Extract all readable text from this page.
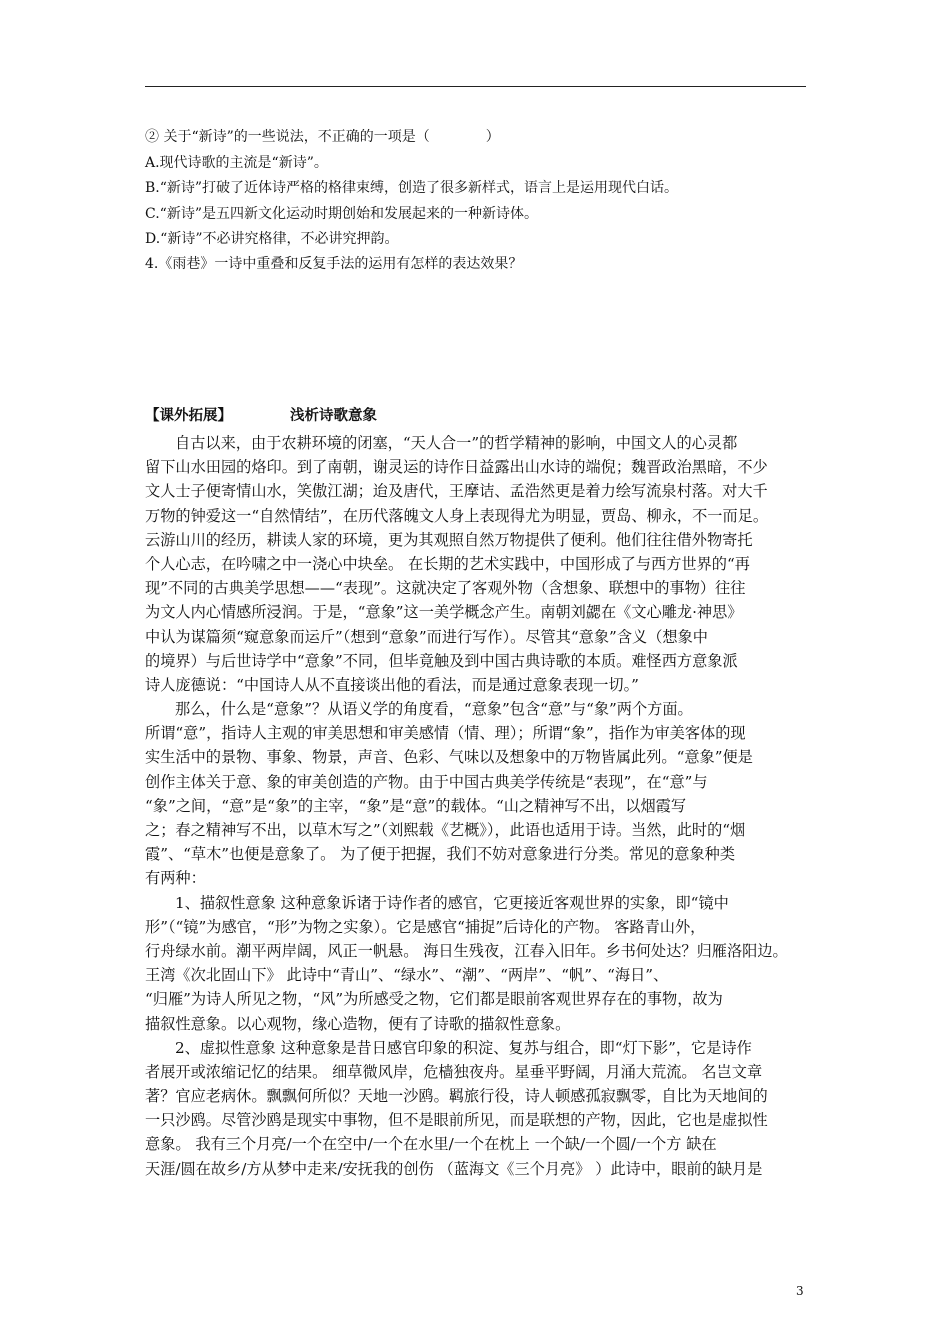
② 关于“新诗”的一些说法，不正确的一项是（　　　　）
A.现代诗歌的主流是“新诗”。
B.“新诗”打破了近体诗严格的格律束缚，创造了很多新样式，语言上是运用现代白话。
C.“新诗”是五四新文化运动时期创始和发展起来的一种新诗体。
D.“新诗”不必讲究格律，不必讲究押韵。
4.《雨巷》一诗中重叠和反复手法的运用有怎样的表达效果？
【课外拓展】	浅析诗歌意象
自古以来，由于农耕环境的闭塞，“天人合一”的哲学精神的影响，中国文人的心灵都
留下山水田园的烙印。到了南朝，谢灵运的诗作日益露出山水诗的端倪；魏晋政治黑暗，不少
文人士子便寄情山水，笑傲江湖；迨及唐代，王摩诘、孟浩然更是着力绘写流泉村落。对大千
万物的钟爱这一“自然情结”，在历代落魄文人身上表现得尤为明显，贾岛、柳永，不一而足。
云游山川的经历，耕读人家的环境，更为其观照自然万物提供了便利。他们往往借外物寄托
个人心志，在吟啸之中一浇心中块垒。 在长期的艺术实践中，中国形成了与西方世界的“再
现”不同的古典美学思想——“表现”。这就决定了客观外物（含想象、联想中的事物）往往
为文人内心情感所浸润。于是，“意象”这一美学概念产生。南朝刘勰在《文心雕龙·神思》
中认为谋篇须“窥意象而运斤”（想到“意象”而进行写作）。尽管其“意象”含义（想象中
的境界）与后世诗学中“意象”不同，但毕竟触及到中国古典诗歌的本质。难怪西方意象派
诗人庞德说：“中国诗人从不直接谈出他的看法，而是通过意象表现一切。”
那么，什么是“意象”？从语义学的角度看，“意象”包含“意”与“象”两个方面。
所谓“意”，指诗人主观的审美思想和审美感情（情、理）；所谓“象”，指作为审美客体的现
实生活中的景物、事象、物景，声音、色彩、气味以及想象中的万物皆属此列。“意象”便是
创作主体关于意、象的审美创造的产物。由于中国古典美学传统是“表现”，在“意”与
“象”之间，“意”是“象”的主宰，“象”是“意”的载体。“山之精神写不出，以烟霞写
之；春之精神写不出，以草木写之”（刘熙载《艺概》），此语也适用于诗。当然，此时的“烟
霞”、“草木”也便是意象了。 为了便于把握，我们不妨对意象进行分类。常见的意象种类
有两种：
1、描叙性意象 这种意象诉诸于诗作者的感官，它更接近客观世界的实象，即“镜中
形”（“镜”为感官，“形”为物之实象）。它是感官“捕捉”后诗化的产物。 客路青山外，
行舟绿水前。潮平两岸阔，风正一帆悬。 海日生残夜，江春入旧年。乡书何处达？归雁洛阳边。
王湾《次北固山下》 此诗中“青山”、“绿水”、“潮”、“两岸”、“帆”、“海日”、
“归雁”为诗人所见之物，“风”为所感受之物，它们都是眼前客观世界存在的事物，故为
描叙性意象。以心观物，缘心造物，便有了诗歌的描叙性意象。
2、虚拟性意象 这种意象是昔日感官印象的积淀、复苏与组合，即“灯下影”，它是诗作
者展开或浓缩记忆的结果。 细草微风岸，危樯独夜舟。星垂平野阔，月涌大荒流。 名岂文章
著？官应老病休。飘飘何所似？天地一沙鸥。羁旅行役，诗人顿感孤寂飘零，自比为天地间的
一只沙鸥。尽管沙鸥是现实中事物，但不是眼前所见，而是联想的产物，因此，它也是虚拟性
意象。 我有三个月亮/一个在空中/一个在水里/一个在枕上 一个缺/一个圆/一个方 缺在
天涯/圆在故乡/方从梦中走来/安抚我的创伤 （蓝海文《三个月亮》 ）此诗中，眼前的缺月是
3
